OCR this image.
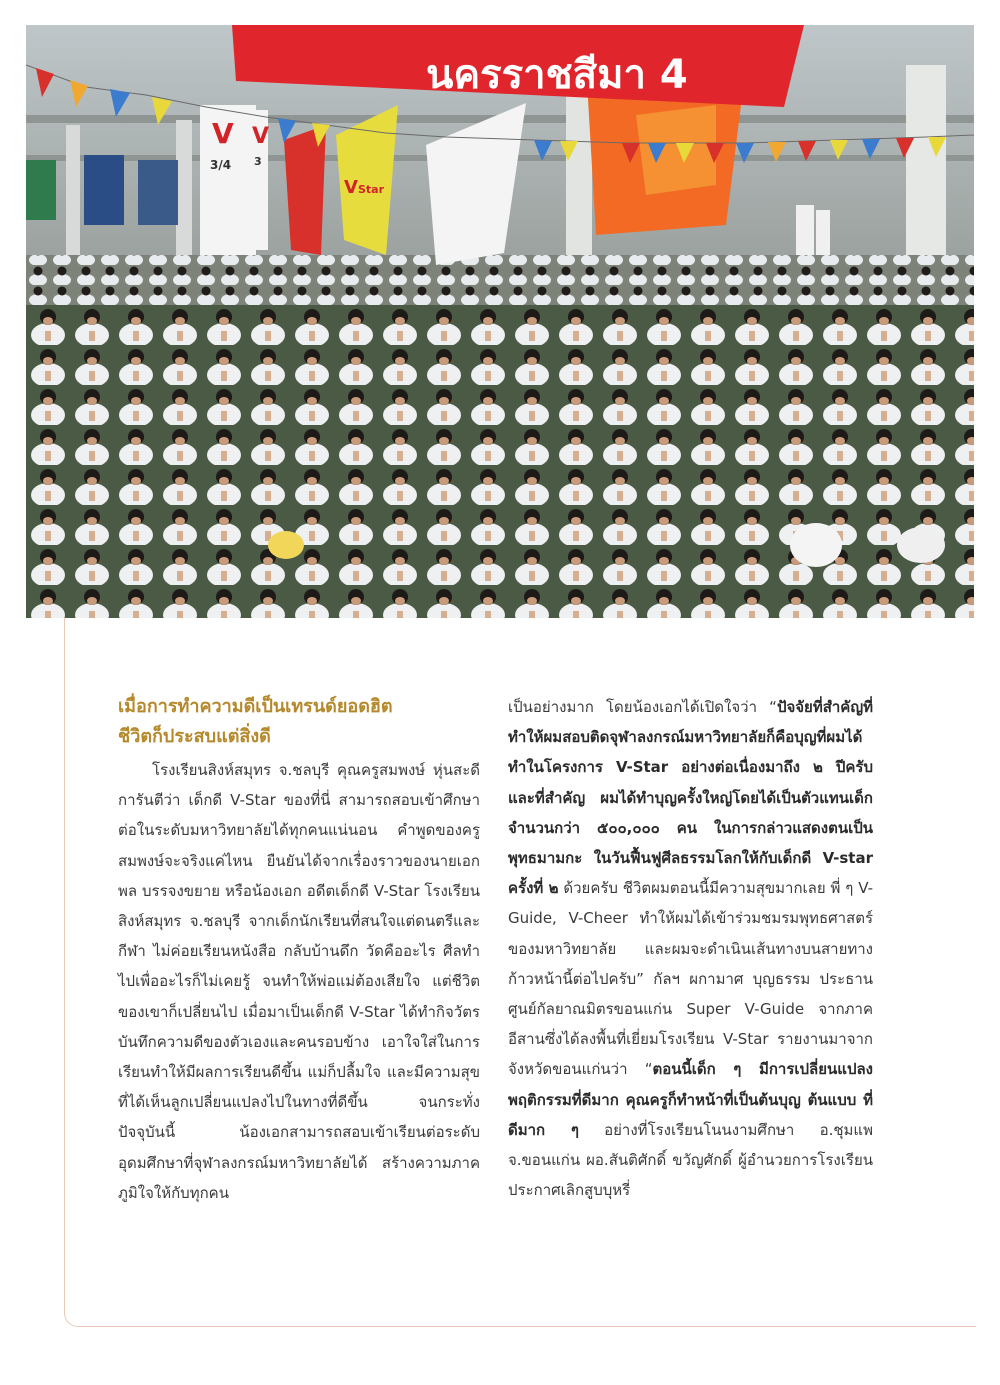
V
3/4
V
3
V Star
นครราชสีมา 4
เมื่อการทำความดีเป็นเทรนด์ยอดฮิต
ชีวิตก็ประสบแต่สิ่งดี

โรงเรียนสิงห์สมุทร จ.ชลบุรี คุณครูสมพงษ์ หุ่นสะดี การันตีว่า เด็กดี V-Star ของที่นี่ สามารถสอบเข้าศึกษาต่อในระดับมหาวิทยาลัยได้ทุกคนแน่นอน คำพูดของครูสมพงษ์จะจริงแค่ไหน ยืนยันได้จากเรื่องราวของนายเอกพล บรรจงขยาย หรือน้องเอก อดีตเด็กดี V-Star โรงเรียนสิงห์สมุทร จ.ชลบุรี จากเด็กนักเรียนที่สนใจแต่ดนตรีและกีฬา ไม่ค่อยเรียนหนังสือ กลับบ้านดึก วัดคืออะไร ศีลทำไปเพื่ออะไรก็ไม่เคยรู้ จนทำให้พ่อแม่ต้องเสียใจ แต่ชีวิตของเขาก็เปลี่ยนไป เมื่อมาเป็นเด็กดี V-Star ได้ทำกิจวัตรบันทึกความดีของตัวเองและคนรอบข้าง เอาใจใส่ในการเรียนทำให้มีผลการเรียนดีขึ้น แม่ก็ปลื้มใจ และมีความสุขที่ได้เห็นลูกเปลี่ยนแปลงไปในทางที่ดีขึ้น จนกระทั่งปัจจุบันนี้ น้องเอกสามารถสอบเข้าเรียนต่อระดับอุดมศึกษาที่จุฬาลงกรณ์มหาวิทยาลัยได้ สร้างความภาคภูมิใจให้กับทุกคน

เป็นอย่างมาก โดยน้องเอกได้เปิดใจว่า “ปัจจัยที่สำคัญที่ทำให้ผมสอบติดจุฬาลงกรณ์มหาวิทยาลัยก็คือบุญที่ผมได้ทำในโครงการ V-Star อย่างต่อเนื่องมาถึง ๒ ปีครับ และที่สำคัญ ผมได้ทำบุญครั้งใหญ่โดยได้เป็นตัวแทนเด็กจำนวนกว่า ๕๐๐,๐๐๐ คน ในการกล่าวแสดงตนเป็นพุทธมามกะ ในวันฟื้นฟูศีลธรรมโลกให้กับเด็กดี V-star ครั้งที่ ๒ ด้วยครับ ชีวิตผมตอนนี้มีความสุขมากเลย พี่ ๆ V-Guide, V-Cheer ทำให้ผมได้เข้าร่วมชมรมพุทธศาสตร์ของมหาวิทยาลัย และผมจะดำเนินเส้นทางบนสายทางก้าวหน้านี้ต่อไปครับ” กัลฯ ผกามาศ บุญธรรม ประธานศูนย์กัลยาณมิตรขอนแก่น Super V-Guide จากภาคอีสานซึ่งได้ลงพื้นที่เยี่ยมโรงเรียน V-Star รายงานมาจากจังหวัดขอนแก่นว่า “ตอนนี้เด็ก ๆ มีการเปลี่ยนแปลงพฤติกรรมที่ดีมาก คุณครูก็ทำหน้าที่เป็นต้นบุญ ต้นแบบ ที่ดีมาก ๆ อย่างที่โรงเรียนโนนงามศึกษา อ.ชุมแพ จ.ขอนแก่น ผอ.สันติศักดิ์ ขวัญศักดิ์ ผู้อำนวยการโรงเรียน ประกาศเลิกสูบบุหรี่
